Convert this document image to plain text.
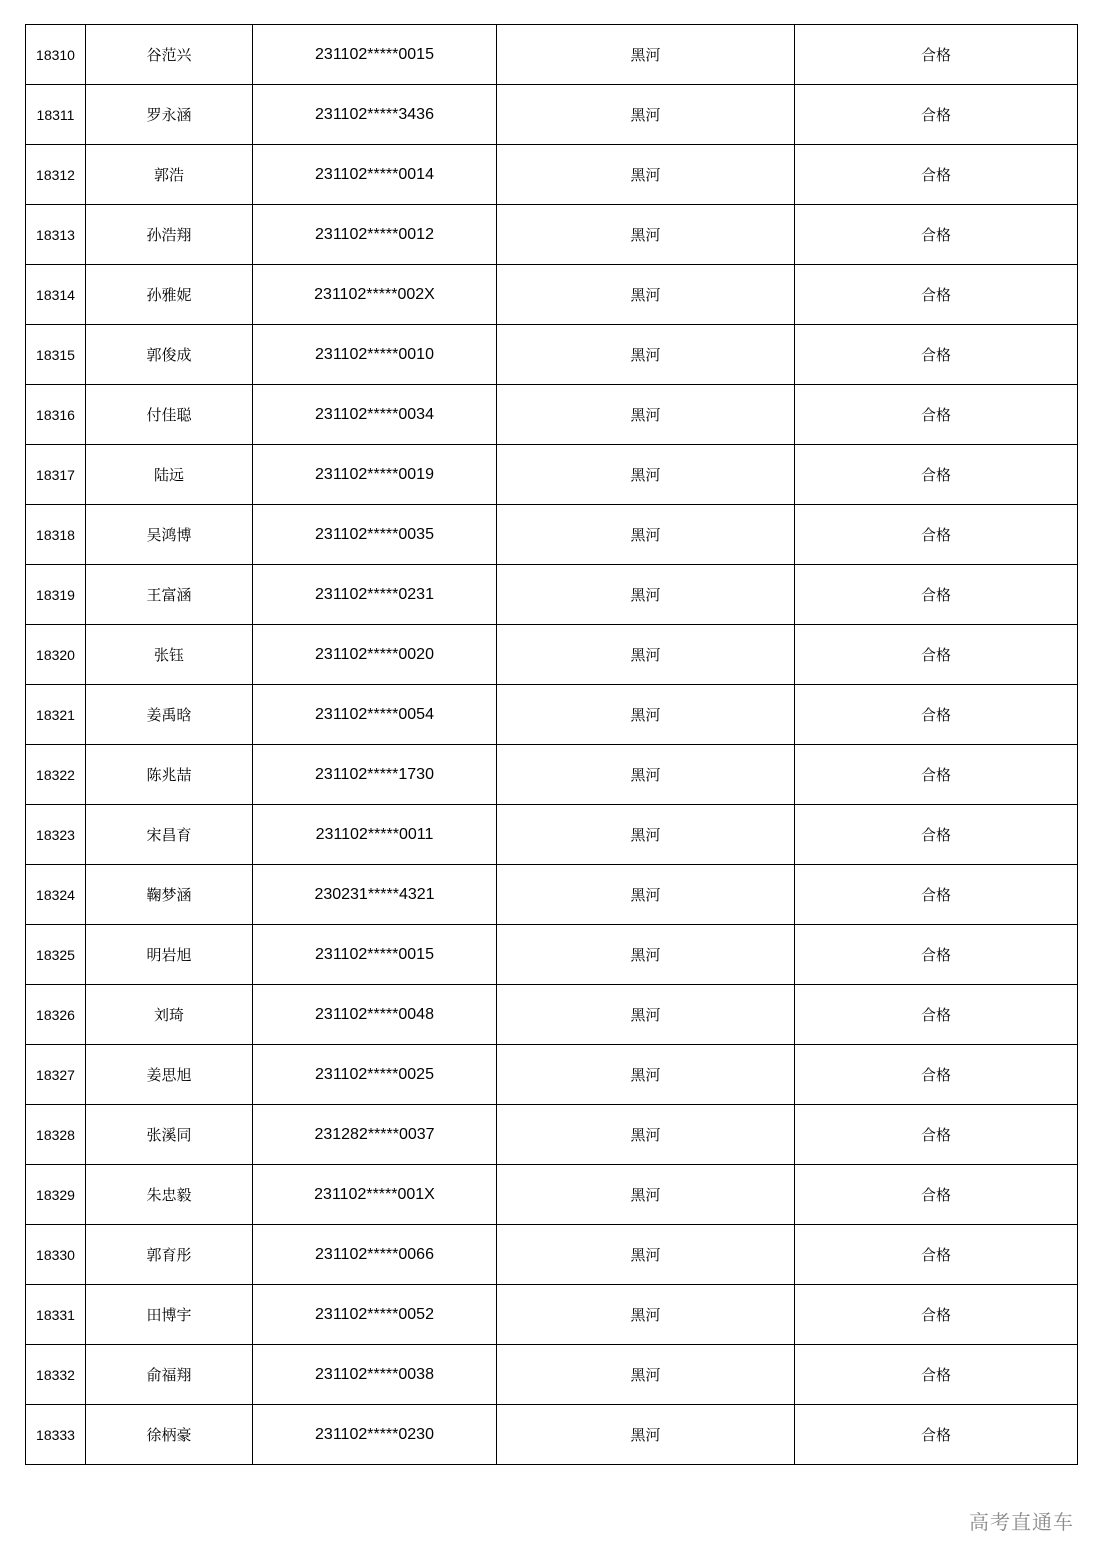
18310	谷范兴	231102*****0015	黑河	合格
18311	罗永涵	231102*****3436	黑河	合格
18312	郭浩	231102*****0014	黑河	合格
18313	孙浩翔	231102*****0012	黑河	合格
18314	孙雅妮	231102*****002X	黑河	合格
18315	郭俊成	231102*****0010	黑河	合格
18316	付佳聪	231102*****0034	黑河	合格
18317	陆远	231102*****0019	黑河	合格
18318	吴鸿博	231102*****0035	黑河	合格
18319	王富涵	231102*****0231	黑河	合格
18320	张钰	231102*****0020	黑河	合格
18321	姜禹晗	231102*****0054	黑河	合格
18322	陈兆喆	231102*****1730	黑河	合格
18323	宋昌育	231102*****0011	黑河	合格
18324	鞠梦涵	230231*****4321	黑河	合格
18325	明岩旭	231102*****0015	黑河	合格
18326	刘琦	231102*****0048	黑河	合格
18327	姜思旭	231102*****0025	黑河	合格
18328	张溪同	231282*****0037	黑河	合格
18329	朱忠毅	231102*****001X	黑河	合格
18330	郭育彤	231102*****0066	黑河	合格
18331	田博宇	231102*****0052	黑河	合格
18332	俞福翔	231102*****0038	黑河	合格
18333	徐柄豪	231102*****0230	黑河	合格
高考直通车
